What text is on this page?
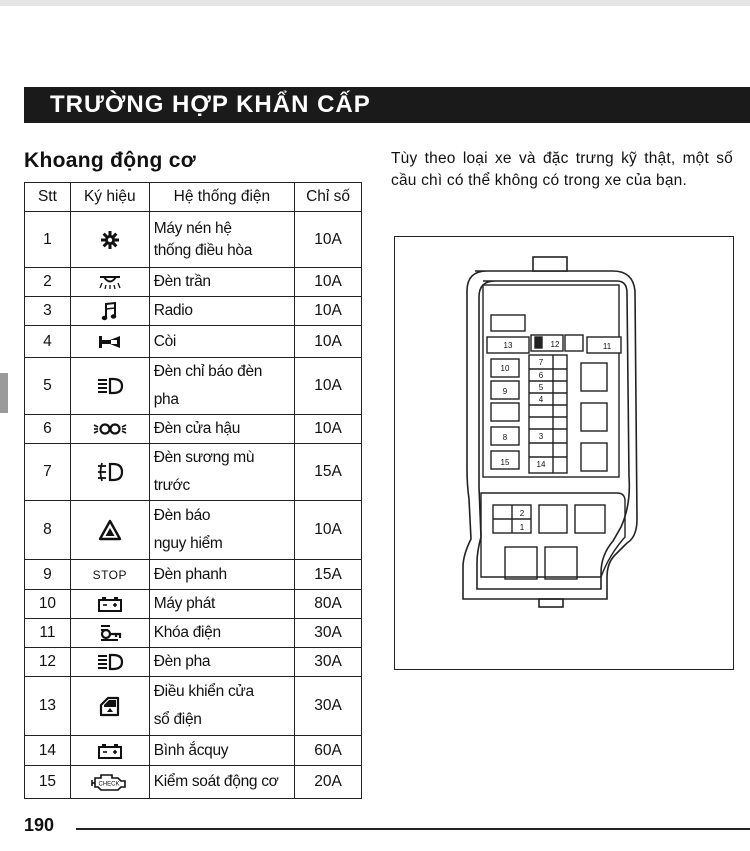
TRƯỜNG HỢP KHẨN CẤP
Khoang động cơ	Tùy theo loại xe và đặc trưng kỹ thật, một số cầu chì có thể không có trong xe của bạn.
Stt	Ký hiệu	Hệ thống điện	Chỉ số
1		Máy nén hệ
thống điều hòa	10A
2		Đèn trần	10A
3		Radio	10A
4		Còi	10A
5		Đèn chỉ báo đèn pha	10A
6		Đèn cửa hậu	10A
7		Đèn sương mù
trước	15A
8		Đèn báo
nguy hiểm	10A
9	STOP	Đèn phanh	15A
10		Máy phát	80A
11		Khóa điện	30A
12		Đèn pha	30A
13		Điều khiển cửa
sổ điện	30A
14		Bình ắcquy	60A
15	CHECK	Kiểm soát động cơ	20A
13	12	11
10
9
8
7
6
5
4
3
2
1
14
15
190
